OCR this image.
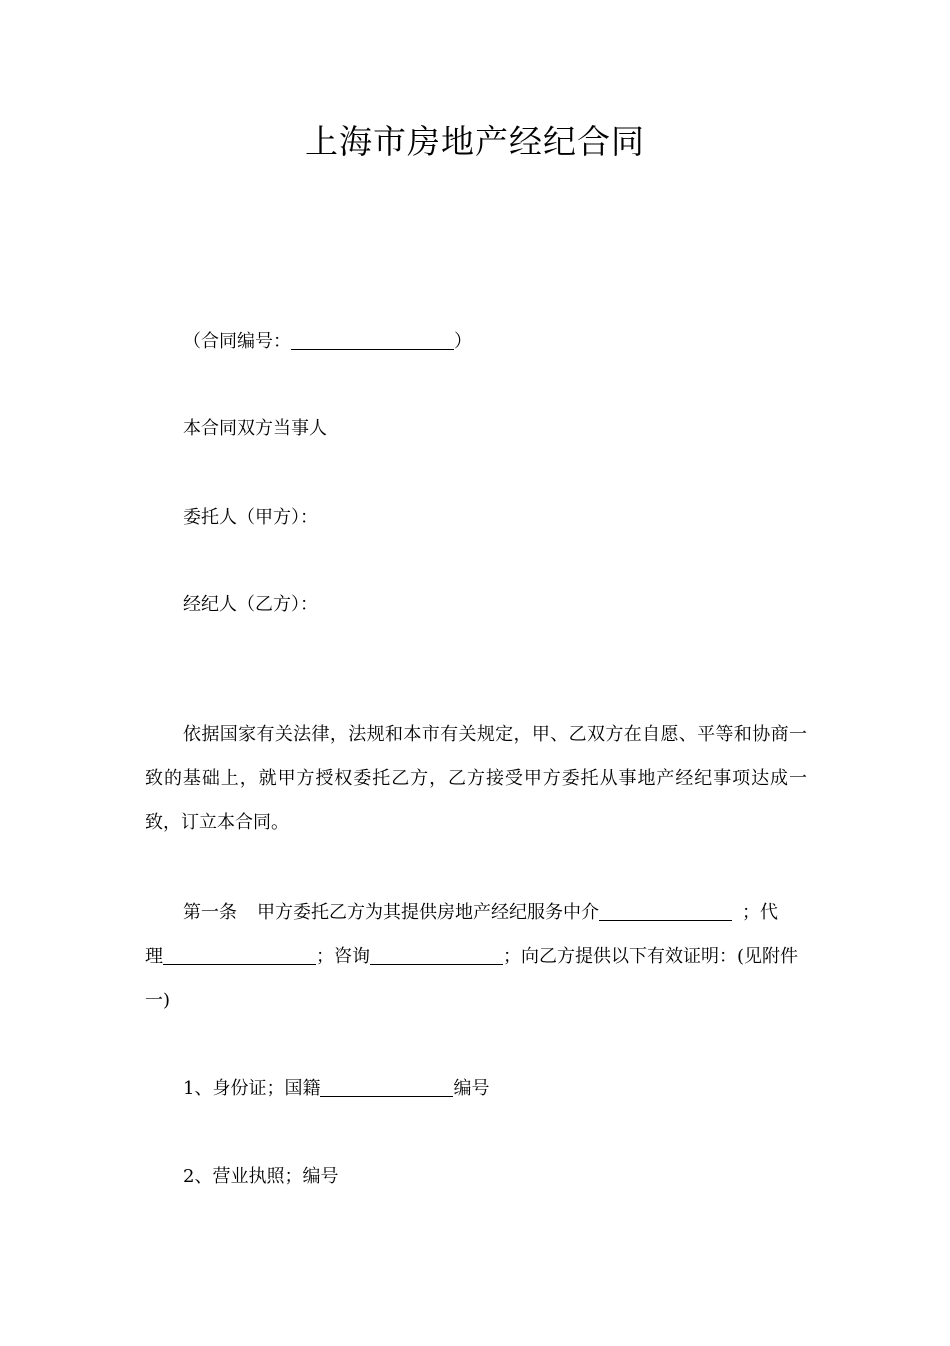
上海市房地产经纪合同
（合同编号：	）
本合同双方当事人
委托人（甲方）：
经纪人（乙方）：

依据国家有关法律，法规和本市有关规定，甲、乙双方在自愿、平等和协商一致的基础上，就甲方授权委托乙方，乙方接受甲方委托从事地产经纪事项达成一致，订立本合同。

第一条 甲方委托乙方为其提供房地产经纪服务中介	；代
理	；咨询	；向乙方提供以下有效证明：(见附件
一)
1、身份证；国籍	编号
2、营业执照；编号
